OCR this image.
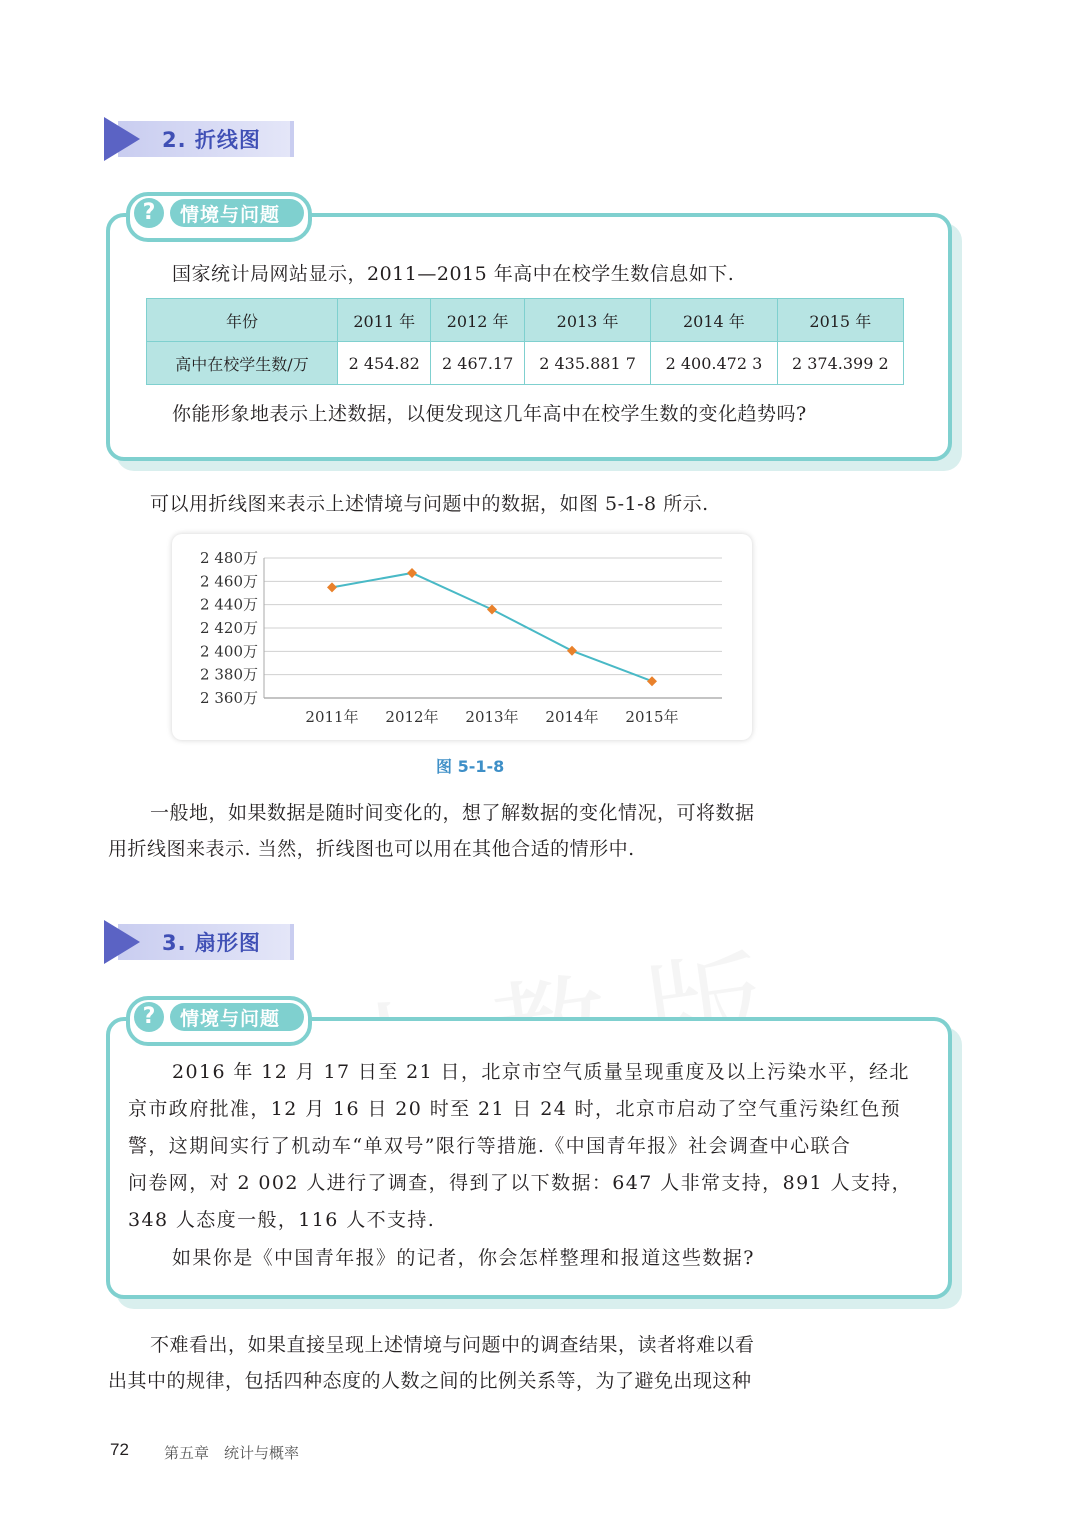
2. 折线图
?	情境与问题
国家统计局网站显示，2011—2015 年高中在校学生数信息如下.
年份	2011 年	2012 年	2013 年	2014 年	2015 年
高中在校学生数/万	2 454.82	2 467.17	2 435.881 7	2 400.472 3	2 374.399 2
你能形象地表示上述数据，以便发现这几年高中在校学生数的变化趋势吗?
可以用折线图来表示上述情境与问题中的数据，如图 5-1-8 所示.
2 480万
2 460万
2 440万
2 420万
2 400万
2 380万
2 360万
2011年 2012年 2013年 2014年 2015年
图 5-1-8
一般地，如果数据是随时间变化的，想了解数据的变化情况，可将数据
用折线图来表示. 当然，折线图也可以用在其他合适的情形中.
3. 扇形图
?	情境与问题
2016 年 12 月 17 日至 21 日，北京市空气质量呈现重度及以上污染水平，经北
京市政府批准，12 月 16 日 20 时至 21 日 24 时，北京市启动了空气重污染红色预
警，这期间实行了机动车“单双号”限行等措施.《中国青年报》社会调查中心联合
问卷网，对 2 002 人进行了调查，得到了以下数据：647 人非常支持，891 人支持，
348 人态度一般，116 人不支持.
如果你是《中国青年报》的记者，你会怎样整理和报道这些数据?
不难看出，如果直接呈现上述情境与问题中的调查结果，读者将难以看
出其中的规律，包括四种态度的人数之间的比例关系等，为了避免出现这种
72 第五章　统计与概率
